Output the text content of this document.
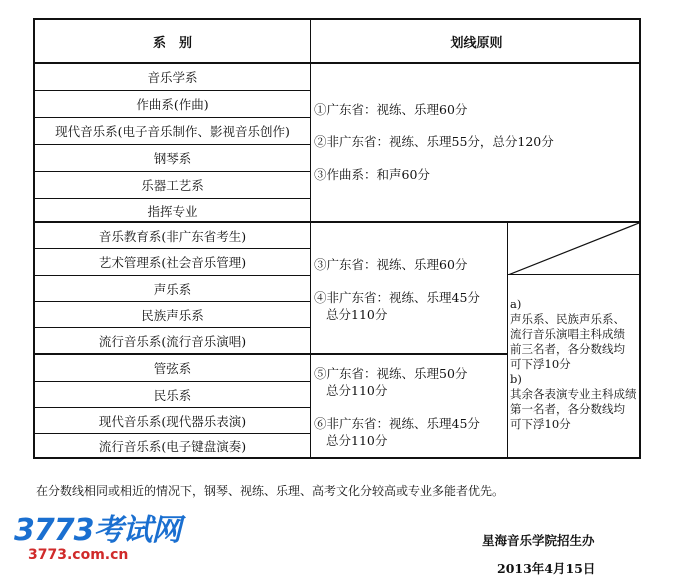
系　别	划线原则
音乐学系
作曲系(作曲)
现代音乐系(电子音乐制作、影视音乐创作)
钢琴系
乐器工艺系
指挥专业
①广东省：视练、乐理60分
②非广东省：视练、乐理55分，总分120分
③作曲系：和声60分
音乐教育系(非广东省考生)
艺术管理系(社会音乐管理)
声乐系
民族声乐系
流行音乐系(流行音乐演唱)
③广东省：视练、乐理60分
④非广东省：视练、乐理45分
总分110分
a)
声乐系、民族声乐系、
流行音乐演唱主科成绩
前三名者，各分数线均
可下浮10分
b)
其余各表演专业主科成绩
第一名者，各分数线均
可下浮10分
管弦系
民乐系
现代音乐系(现代器乐表演)
流行音乐系(电子键盘演奏)
⑤广东省：视练、乐理50分
总分110分
⑥非广东省：视练、乐理45分
总分110分
在分数线相同或相近的情况下，钢琴、视练、乐理、高考文化分较高或专业多能者优先。
3773考试网
3773.com.cn
星海音乐学院招生办
2013年4月15日
